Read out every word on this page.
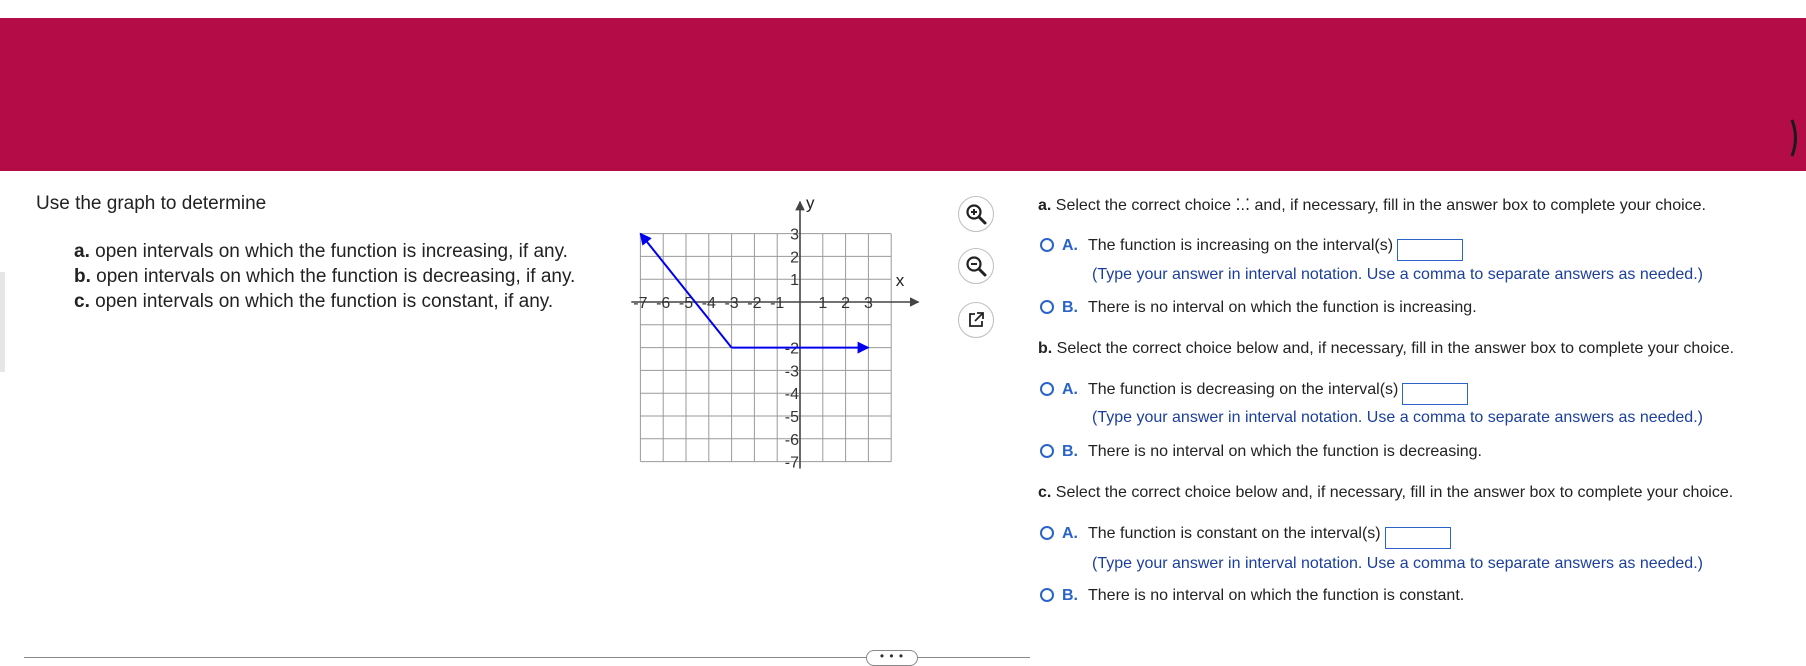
Use the graph to determine
a. open intervals on which the function is increasing, if any.
b. open intervals on which the function is decreasing, if any.
c. open intervals on which the function is constant, if any.
x
y
-7 -6 -5 -4 -3 -2 -1 1 2 3
3
2
1
-2
-3
-4
-5
-6
-7
a. Select the correct choice ⁚.⁚ and, if necessary, fill in the answer box to complete your choice.
A. The function is increasing on the interval(s)
(Type your answer in interval notation. Use a comma to separate answers as needed.)
B. There is no interval on which the function is increasing.
b. Select the correct choice below and, if necessary, fill in the answer box to complete your choice.
A. The function is decreasing on the interval(s)
(Type your answer in interval notation. Use a comma to separate answers as needed.)
B. There is no interval on which the function is decreasing.
c. Select the correct choice below and, if necessary, fill in the answer box to complete your choice.
A. The function is constant on the interval(s)
(Type your answer in interval notation. Use a comma to separate answers as needed.)
B. There is no interval on which the function is constant.
• • •
